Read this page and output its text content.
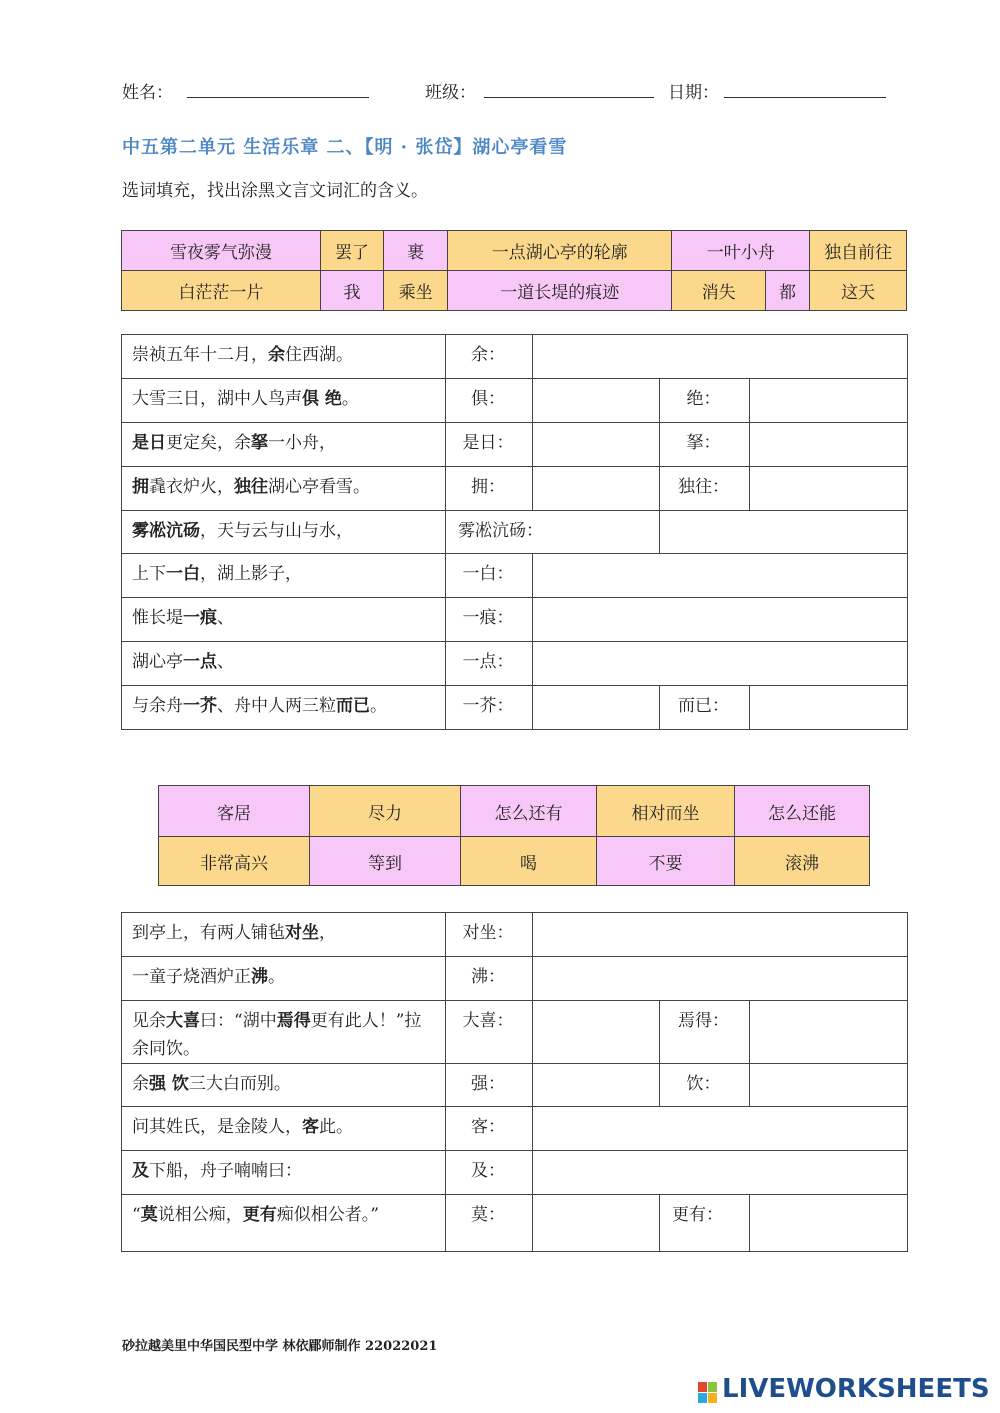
姓名：	班级：	日期：
中五第二单元 生活乐章 二、【明 · 张岱】湖心亭看雪
选词填充，找出涂黑文言文词汇的含义。
雪夜雾气弥漫	罢了	裹	一点湖心亭的轮廓	一叶小舟		独自前往
白茫茫一片	我	乘坐	一道长堤的痕迹	消失	都	这天
崇祯五年十二月，余住西湖。	余：			
大雪三日，湖中人鸟声俱 绝。	俱：		绝：	
是日更定矣，余拏一小舟，	是日：		拏：	
拥毳衣炉火，独往湖心亭看雪。	拥：		独往：	
雾凇沆砀，天与云与山与水，	雾凇沆砀：			
上下一白，湖上影子，	一白：			
惟长堤一痕、	一痕：			
湖心亭一点、	一点：			
与余舟一芥、舟中人两三粒而已。	一芥：		而已：	
客居	尽力	怎么还有	相对而坐	怎么还能
非常高兴	等到	喝	不要	滚沸
到亭上，有两人铺毡对坐，	对坐：			
一童子烧酒炉正沸。	沸：			
见余大喜曰：“湖中焉得更有此人！”拉余同饮。	大喜：		焉得：	
余强 饮三大白而别。	强：		饮：	
问其姓氏，是金陵人，客此。	客：			
及下船，舟子喃喃曰：	及：			
“莫说相公痴，更有痴似相公者。”	莫：		更有：	
砂拉越美里中华国民型中学 林依郿师制作 22022021
LIVEWORKSHEETS
